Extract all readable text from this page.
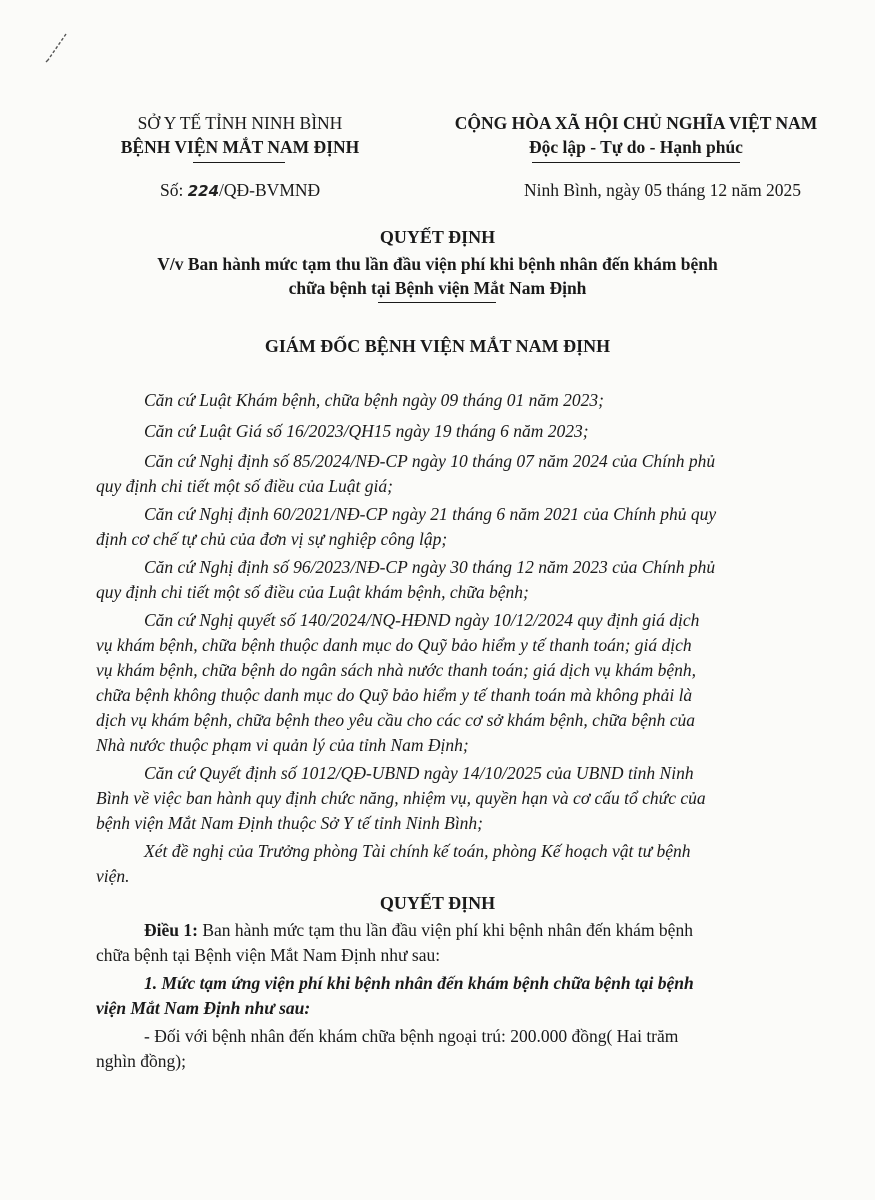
SỞ Y TẾ TỈNH NINH BÌNH
BỆNH VIỆN MẮT NAM ĐỊNH
Số: 224/QĐ-BVMNĐ
CỘNG HÒA XÃ HỘI CHỦ NGHĨA VIỆT NAM
Độc lập - Tự do - Hạnh phúc
Ninh Bình, ngày 05 tháng 12 năm 2025
QUYẾT ĐỊNH
V/v Ban hành mức tạm thu lần đầu viện phí khi bệnh nhân đến khám bệnh
chữa bệnh tại Bệnh viện Mắt Nam Định
GIÁM ĐỐC BỆNH VIỆN MẮT NAM ĐỊNH
Căn cứ Luật Khám bệnh, chữa bệnh ngày 09 tháng 01 năm 2023;
Căn cứ Luật Giá số 16/2023/QH15 ngày 19 tháng 6 năm 2023;
Căn cứ Nghị định số 85/2024/NĐ-CP ngày 10 tháng 07 năm 2024 của Chính phủ
quy định chi tiết một số điều của Luật giá;
Căn cứ Nghị định 60/2021/NĐ-CP ngày 21 tháng 6 năm 2021 của Chính phủ quy
định cơ chế tự chủ của đơn vị sự nghiệp công lập;
Căn cứ Nghị định số 96/2023/NĐ-CP ngày 30 tháng 12 năm 2023 của Chính phủ
quy định chi tiết một số điều của Luật khám bệnh, chữa bệnh;
Căn cứ Nghị quyết số 140/2024/NQ-HĐND ngày 10/12/2024 quy định giá dịch
vụ khám bệnh, chữa bệnh thuộc danh mục do Quỹ bảo hiểm y tế thanh toán; giá dịch
vụ khám bệnh, chữa bệnh do ngân sách nhà nước thanh toán; giá dịch vụ khám bệnh,
chữa bệnh không thuộc danh mục do Quỹ bảo hiểm y tế thanh toán mà không phải là
dịch vụ khám bệnh, chữa bệnh theo yêu cầu cho các cơ sở khám bệnh, chữa bệnh của
Nhà nước thuộc phạm vi quản lý của tỉnh Nam Định;
Căn cứ Quyết định số 1012/QĐ-UBND ngày 14/10/2025 của UBND tỉnh Ninh
Bình về việc ban hành quy định chức năng, nhiệm vụ, quyền hạn và cơ cấu tổ chức của
bệnh viện Mắt Nam Định thuộc Sở Y tế tỉnh Ninh Bình;
Xét đề nghị của Trưởng phòng Tài chính kế toán, phòng Kế hoạch vật tư bệnh
viện.
QUYẾT ĐỊNH
Điều 1: Ban hành mức tạm thu lần đầu viện phí khi bệnh nhân đến khám bệnh
chữa bệnh tại Bệnh viện Mắt Nam Định như sau:
1. Mức tạm ứng viện phí khi bệnh nhân đến khám bệnh chữa bệnh tại bệnh
viện Mắt Nam Định như sau:
- Đối với bệnh nhân đến khám chữa bệnh ngoại trú: 200.000 đồng( Hai trăm
nghìn đồng);
